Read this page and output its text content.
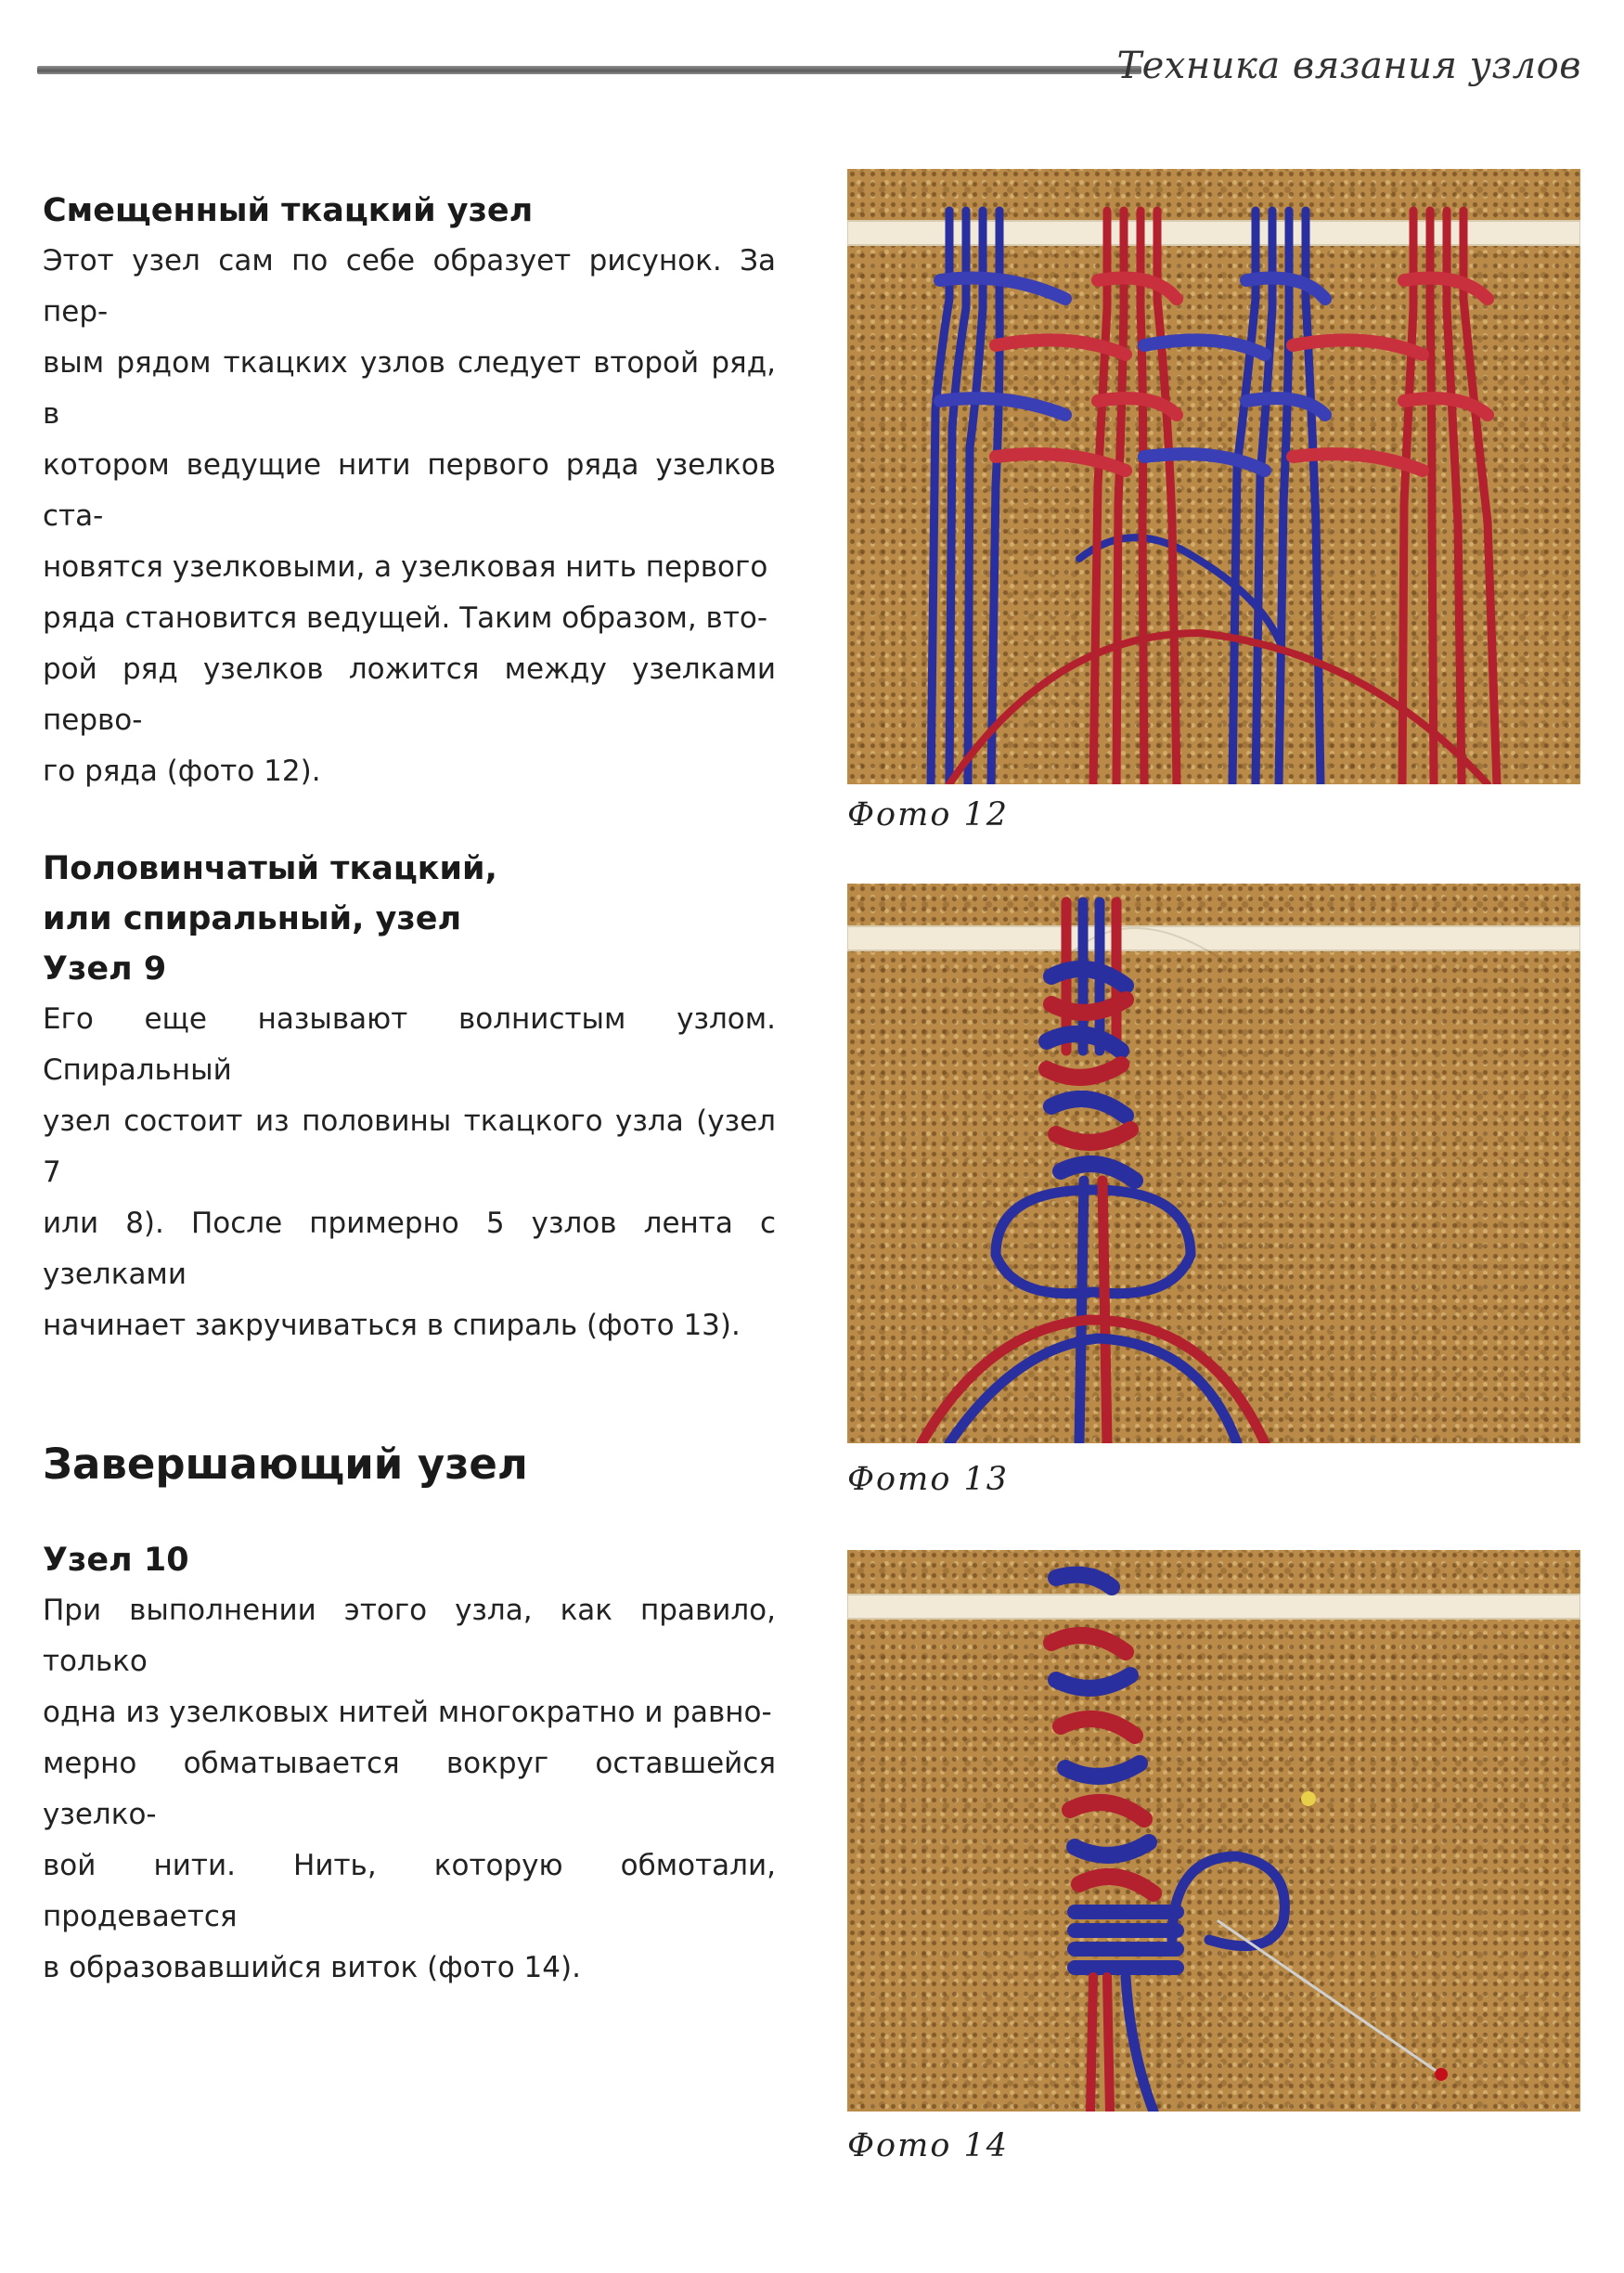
Техника вязания узлов
Смещенный ткацкий узел

Этот узел сам по себе образует рисунок. За пер-

вым рядом ткацких узлов следует второй ряд, в

котором ведущие нити первого ряда узелков ста-

новятся узелковыми, а узелковая нить первого

ряда становится ведущей. Таким образом, вто-

рой ряд узелков ложится между узелками перво-

го ряда (фото 12).

Половинчатый ткацкий,
или спиральный, узел
Узел 9

Его еще называют волнистым узлом. Спиральный

узел состоит из половины ткацкого узла (узел 7

или 8). После примерно 5 узлов лента с узелками

начинает закручиваться в спираль (фото 13).

Завершающий узел
Узел 10

При выполнении этого узла, как правило, только

одна из узелковых нитей многократно и равно-

мерно обматывается вокруг оставшейся узелко-

вой нити. Нить, которую обмотали, продевается

в образовавшийся виток (фото 14).

Фото 12
Фото 13
Фото 14
